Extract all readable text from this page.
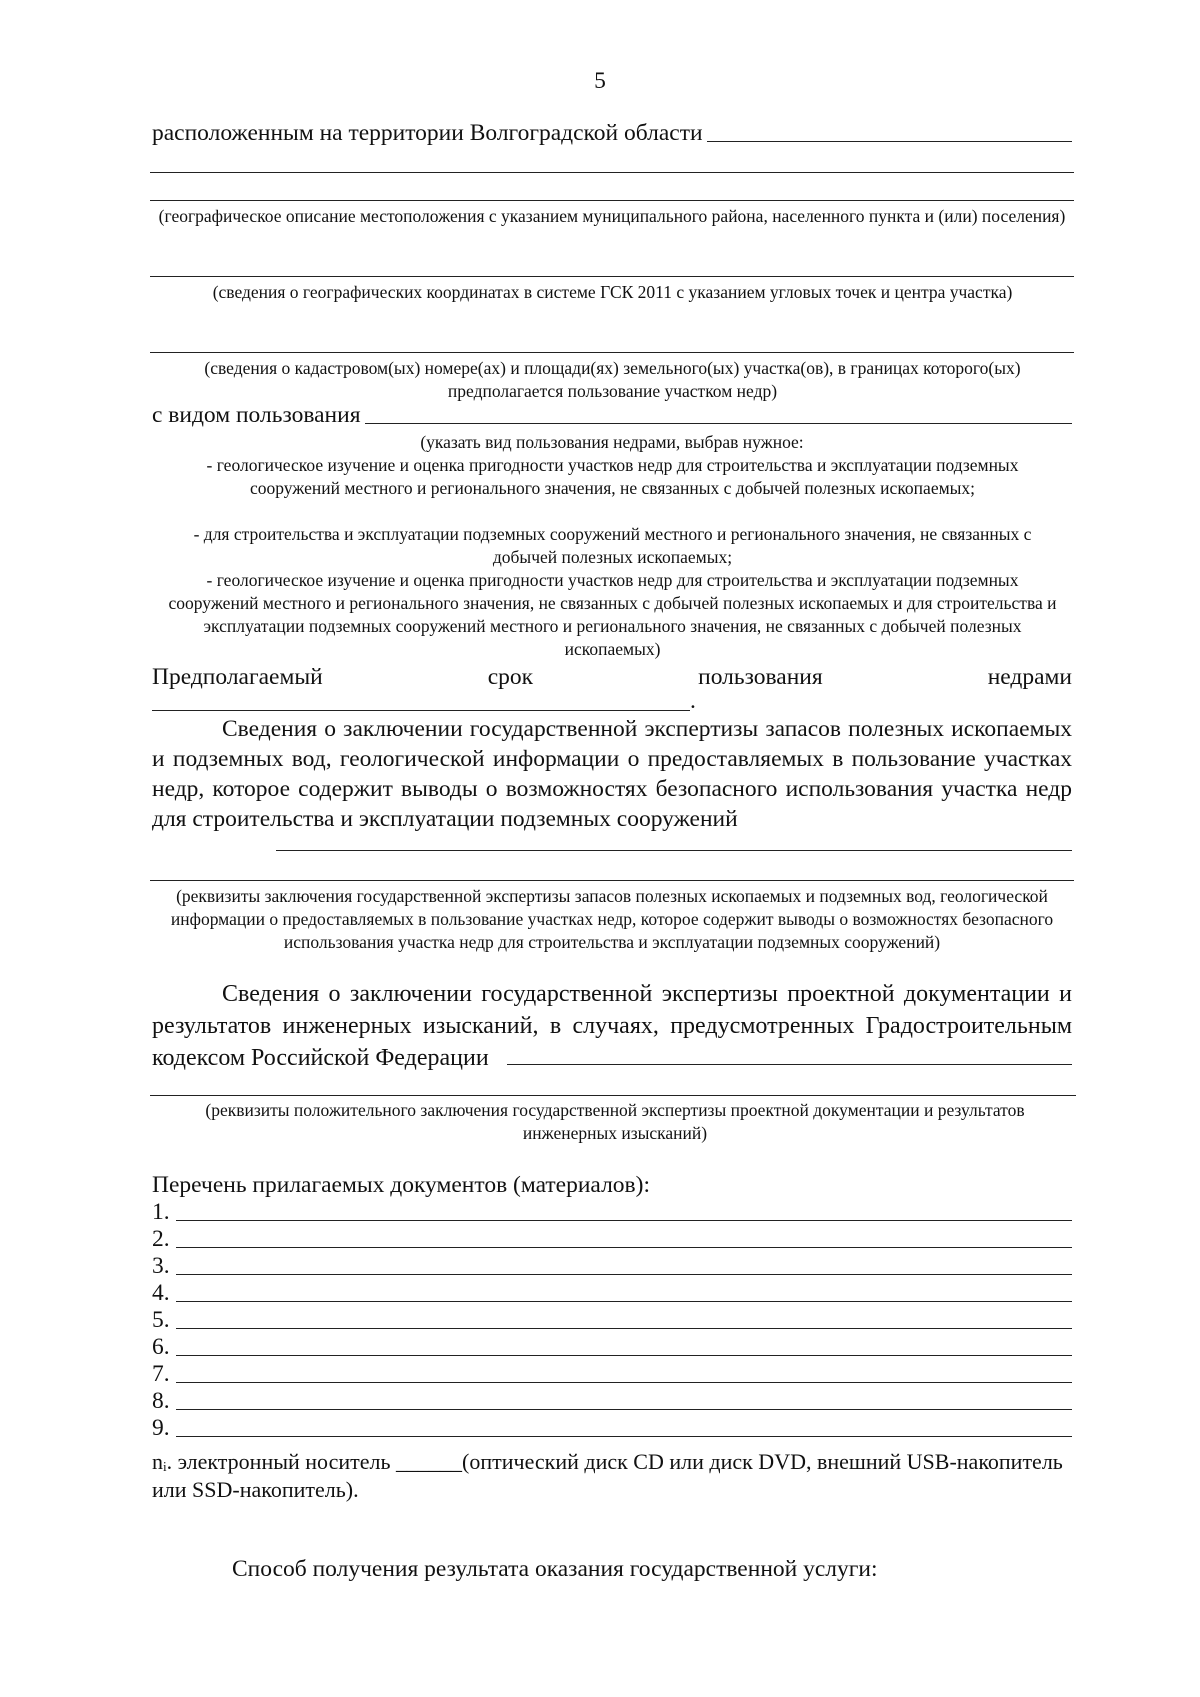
5
расположенным на территории Волгоградской области
(географическое описание местоположения с указанием муниципального района, населенного пункта и (или) поселения)
(сведения о географических координатах в системе ГСК 2011 с указанием угловых точек и центра участка)
(сведения о кадастровом(ых) номере(ах) и площади(ях) земельного(ых) участка(ов), в границах которого(ых) предполагается пользование участком недр)
с видом пользования
(указать вид пользования недрами, выбрав нужное:
- геологическое изучение и оценка пригодности участков недр для строительства и эксплуатации подземных сооружений местного и регионального значения, не связанных с добычей полезных ископаемых;
- для строительства и эксплуатации подземных сооружений местного и регионального значения, не связанных с добычей полезных ископаемых;
- геологическое изучение и оценка пригодности участков недр для строительства и эксплуатации подземных сооружений местного и регионального значения, не связанных с добычей полезных ископаемых и для строительства и эксплуатации подземных сооружений местного и регионального значения, не связанных с добычей полезных ископаемых)
Предполагаемый	срок	пользования	недрами
.
Сведения о заключении государственной экспертизы запасов полезных ископаемых и подземных вод, геологической информации о предоставляемых в пользование участках недр, которое содержит выводы о возможностях безопасного использования участка недр для строительства и эксплуатации подземных сооружений
(реквизиты заключения государственной экспертизы запасов полезных ископаемых и подземных вод, геологической информации о предоставляемых в пользование участках недр, которое содержит выводы о возможностях безопасного использования участка недр для строительства и эксплуатации подземных сооружений)
Сведения о заключении государственной экспертизы проектной документации и результатов инженерных изысканий, в случаях, предусмотренных Градостроительным кодексом Российской Федерации
(реквизиты положительного заключения государственной экспертизы проектной документации и результатов инженерных изысканий)
Перечень прилагаемых документов (материалов):
1.
2.
3.
4.
5.
6.
7.
8.
9.
nᵢ. электронный носитель ______(оптический диск CD или диск DVD, внешний USB-накопитель или SSD-накопитель).
Способ получения результата оказания государственной услуги:
